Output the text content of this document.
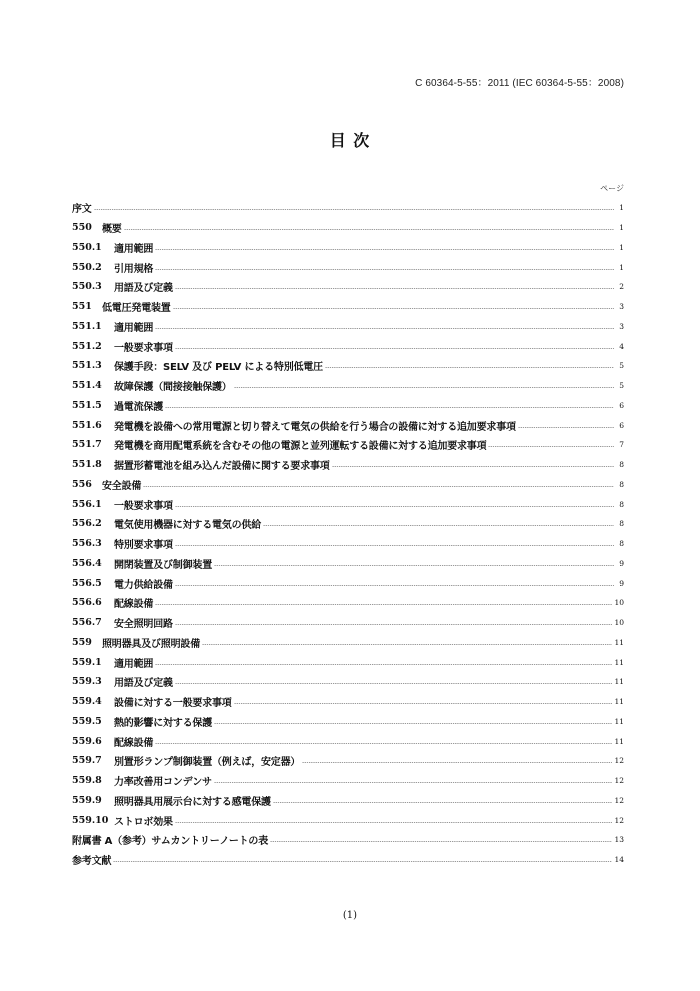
C 60364-5-55：2011 (IEC 60364-5-55：2008)
目 次
ページ
序文	1
550	概要	1
550.1	適用範囲	1
550.2	引用規格	1
550.3	用語及び定義	2
551	低電圧発電装置	3
551.1	適用範囲	3
551.2	一般要求事項	4
551.3	保護手段：SELV 及び PELV による特別低電圧	5
551.4	故障保護（間接接触保護）	5
551.5	過電流保護	6
551.6	発電機を設備への常用電源と切り替えて電気の供給を行う場合の設備に対する追加要求事項	6
551.7	発電機を商用配電系統を含むその他の電源と並列運転する設備に対する追加要求事項	7
551.8	据置形蓄電池を組み込んだ設備に関する要求事項	8
556	安全設備	8
556.1	一般要求事項	8
556.2	電気使用機器に対する電気の供給	8
556.3	特別要求事項	8
556.4	開閉装置及び制御装置	9
556.5	電力供給設備	9
556.6	配線設備	10
556.7	安全照明回路	10
559	照明器具及び照明設備	11
559.1	適用範囲	11
559.3	用語及び定義	11
559.4	設備に対する一般要求事項	11
559.5	熱的影響に対する保護	11
559.6	配線設備	11
559.7	別置形ランプ制御装置（例えば，安定器）	12
559.8	力率改善用コンデンサ	12
559.9	照明器具用展示台に対する感電保護	12
559.10 ストロボ効果	12
附属書 A（参考）サムカントリーノートの表	13
参考文献	14
(1)
